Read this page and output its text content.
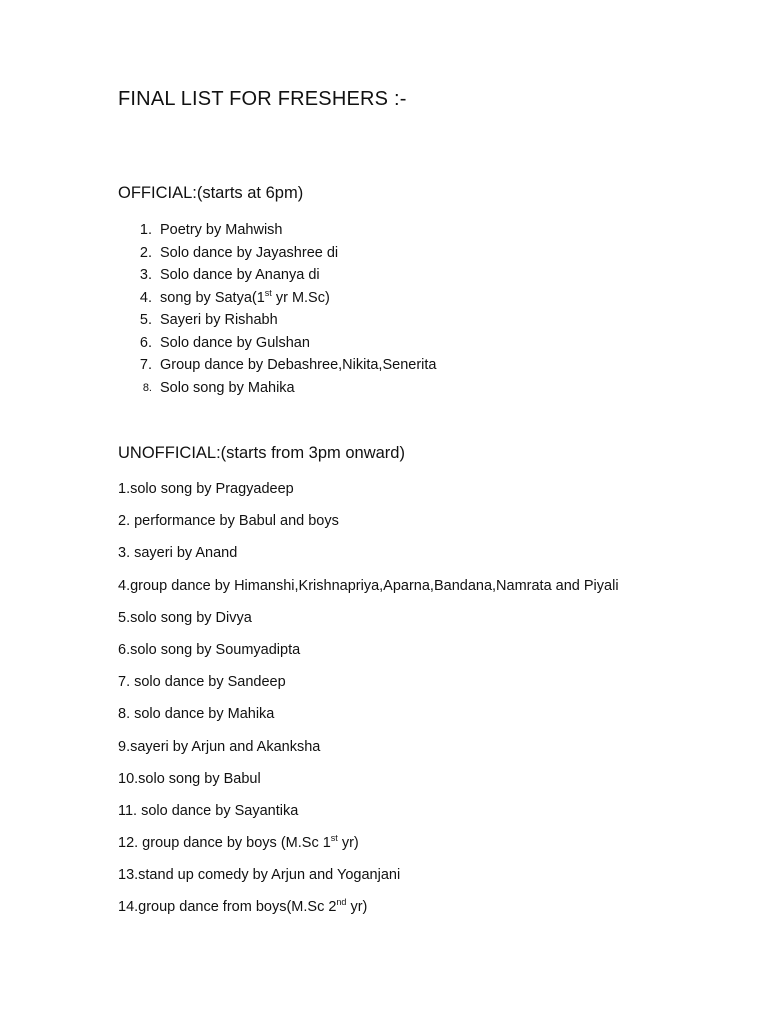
FINAL LIST FOR FRESHERS :-
OFFICIAL:(starts at 6pm)
1. Poetry by Mahwish
2. Solo dance by Jayashree di
3. Solo dance by Ananya di
4. song by Satya(1st yr M.Sc)
5. Sayeri by Rishabh
6. Solo dance by Gulshan
7. Group dance by Debashree,Nikita,Senerita
8. Solo song by Mahika
UNOFFICIAL:(starts from 3pm onward)
1.solo song by Pragyadeep
2. performance by Babul and boys
3. sayeri by Anand
4.group dance by Himanshi,Krishnapriya,Aparna,Bandana,Namrata and Piyali
5.solo song by Divya
6.solo song by Soumyadipta
7. solo dance by Sandeep
8. solo dance by Mahika
9.sayeri by Arjun and Akanksha
10.solo song by Babul
11. solo dance by Sayantika
12. group dance by boys (M.Sc 1st yr)
13.stand up comedy by Arjun and Yoganjani
14.group dance from boys(M.Sc 2nd yr)
